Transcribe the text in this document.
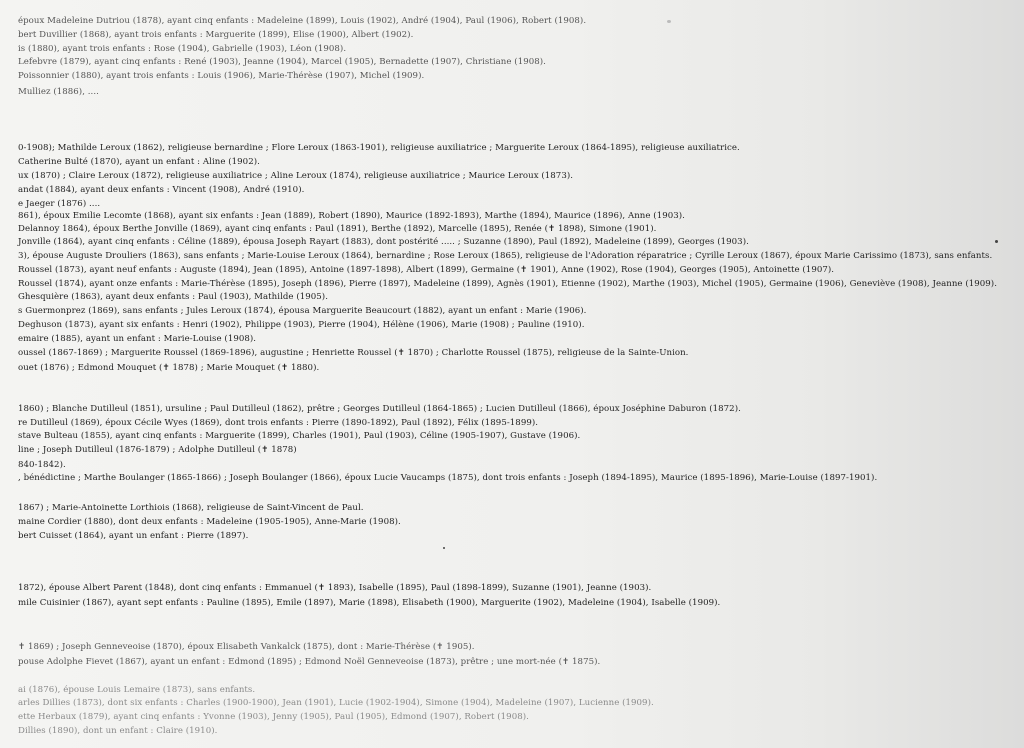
époux Madeleine Dutriou (1878), ayant cinq enfants : Madeleine (1899), Louis (1902), André (1904), Paul (1906), Robert (1908).
bert Duvillier (1868), ayant trois enfants : Marguerite (1899), Elise (1900), Albert (1902).
is (1880), ayant trois enfants : Rose (1904), Gabrielle (1903), Léon (1908).
Lefebvre (1879), ayant cinq enfants : René (1903), Jeanne (1904), Marcel (1905), Bernadette (1907), Christiane (1908).
Poissonnier (1880), ayant trois enfants : Louis (1906), Marie-Thérèse (1907), Michel (1909).
Mulliez (1886), ....
0-1908); Mathilde Leroux (1862), religieuse bernardine ; Flore Leroux (1863-1901), religieuse auxiliatrice ; Marguerite Leroux (1864-1895), religieuse auxiliatrice.
Catherine Bulté (1870), ayant un enfant : Aline (1902).
ux (1870) ; Claire Leroux (1872), religieuse auxiliatrice ; Aline Leroux (1874), religieuse auxiliatrice ; Maurice Leroux (1873).
andat (1884), ayant deux enfants : Vincent (1908), André (1910).
e Jaeger (1876) ....
861), époux Emilie Lecomte (1868), ayant six enfants : Jean (1889), Robert (1890), Maurice (1892-1893), Marthe (1894), Maurice (1896), Anne (1903).
Delannoy 1864), époux Berthe Jonville (1869), ayant cinq enfants : Paul (1891), Berthe (1892), Marcelle (1895), Renée (✝ 1898), Simone (1901).
Jonville (1864), ayant cinq enfants : Céline (1889), épousa Joseph Rayart (1883), dont postérité ..... ; Suzanne (1890), Paul (1892), Madeleine (1899), Georges (1903).
3), épouse Auguste Drouliers (1863), sans enfants ; Marie-Louise Leroux (1864), bernardine ; Rose Leroux (1865), religieuse de l'Adoration réparatrice ; Cyrille Leroux (1867), époux Marie Carissimo (1873), sans enfants.
Roussel (1873), ayant neuf enfants : Auguste (1894), Jean (1895), Antoine (1897-1898), Albert (1899), Germaine (✝ 1901), Anne (1902), Rose (1904), Georges (1905), Antoinette (1907).
Roussel (1874), ayant onze enfants : Marie-Thérèse (1895), Joseph (1896), Pierre (1897), Madeleine (1899), Agnès (1901), Etienne (1902), Marthe (1903), Michel (1905), Germaine (1906), Geneviève (1908), Jeanne (1909).
Ghesquière (1863), ayant deux enfants : Paul (1903), Mathilde (1905).
s Guermonprez (1869), sans enfants ; Jules Leroux (1874), épousa Marguerite Beaucourt (1882), ayant un enfant : Marie (1906).
Deghuson (1873), ayant six enfants : Henri (1902), Philippe (1903), Pierre (1904), Hélène (1906), Marie (1908) ; Pauline (1910).
emaire (1885), ayant un enfant : Marie-Louise (1908).
oussel (1867-1869) ; Marguerite Roussel (1869-1896), augustine ; Henriette Roussel (✝ 1870) ; Charlotte Roussel (1875), religieuse de la Sainte-Union.
ouet (1876) ; Edmond Mouquet (✝ 1878) ; Marie Mouquet (✝ 1880).
1860) ; Blanche Dutilleul (1851), ursuline ; Paul Dutilleul (1862), prêtre ; Georges Dutilleul (1864-1865) ; Lucien Dutilleul (1866), époux Joséphine Daburon (1872).
re Dutilleul (1869), époux Cécile Wyes (1869), dont trois enfants : Pierre (1890-1892), Paul (1892), Félix (1895-1899).
stave Bulteau (1855), ayant cinq enfants : Marguerite (1899), Charles (1901), Paul (1903), Céline (1905-1907), Gustave (1906).
line ; Joseph Dutilleul (1876-1879) ; Adolphe Dutilleul (✝ 1878)
840-1842).
, bénédictine ; Marthe Boulanger (1865-1866) ; Joseph Boulanger (1866), époux Lucie Vaucamps (1875), dont trois enfants : Joseph (1894-1895), Maurice (1895-1896), Marie-Louise (1897-1901).
1867) ; Marie-Antoinette Lorthiois (1868), religieuse de Saint-Vincent de Paul.
maine Cordier (1880), dont deux enfants : Madeleine (1905-1905), Anne-Marie (1908).
bert Cuisset (1864), ayant un enfant : Pierre (1897).
1872), épouse Albert Parent (1848), dont cinq enfants : Emmanuel (✝ 1893), Isabelle (1895), Paul (1898-1899), Suzanne (1901), Jeanne (1903).
mile Cuisinier (1867), ayant sept enfants : Pauline (1895), Emile (1897), Marie (1898), Elisabeth (1900), Marguerite (1902), Madeleine (1904), Isabelle (1909).
✝ 1869) ; Joseph Genneveoise (1870), époux Elisabeth Vankalck (1875), dont : Marie-Thérèse (✝ 1905).
pouse Adolphe Fievet (1867), ayant un enfant : Edmond (1895) ; Edmond Noël Genneveoise (1873), prêtre ; une mort-née (✝ 1875).
ai (1876), épouse Louis Lemaire (1873), sans enfants.
arles Dillies (1873), dont six enfants : Charles (1900-1900), Jean (1901), Lucie (1902-1904), Simone (1904), Madeleine (1907), Lucienne (1909).
ette Herbaux (1879), ayant cinq enfants : Yvonne (1903), Jenny (1905), Paul (1905), Edmond (1907), Robert (1908).
Dillies (1890), dont un enfant : Claire (1910).
